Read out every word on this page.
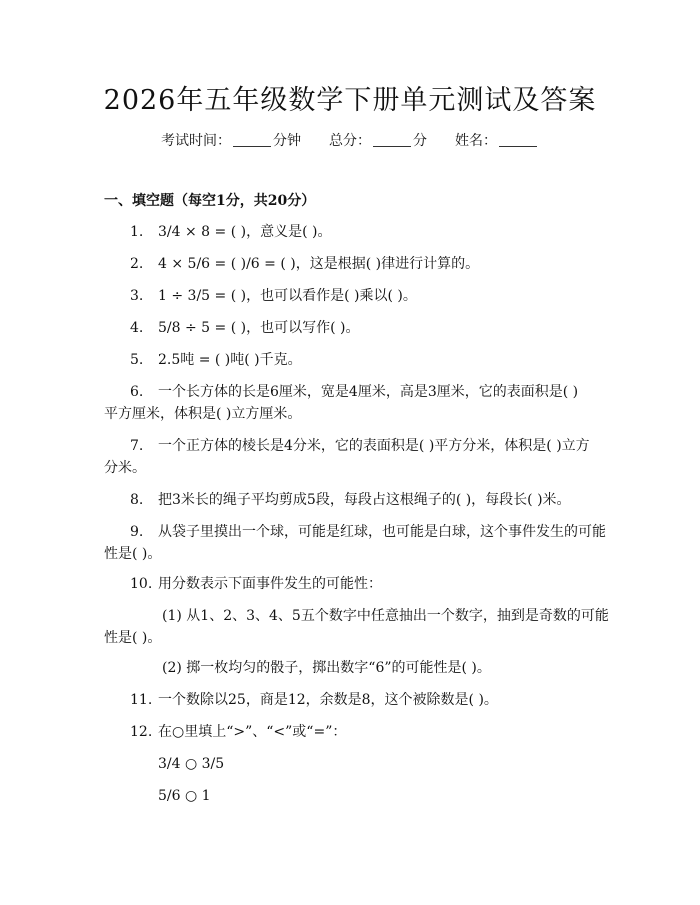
2026年五年级数学下册单元测试及答案
考试时间：	分钟 总分：	分 姓名：
一、填空题（每空1分，共20分）
1. 3/4 × 8 = ( )，意义是( )。
2. 4 × 5/6 = ( )/6 = ( )，这是根据( )律进行计算的。
3. 1 ÷ 3/5 = ( )，也可以看作是( )乘以( )。
4. 5/8 ÷ 5 = ( )，也可以写作( )。
5. 2.5吨 = ( )吨( )千克。
6. 一个长方体的长是6厘米，宽是4厘米，高是3厘米，它的表面积是( )
平方厘米，体积是( )立方厘米。
7. 一个正方体的棱长是4分米，它的表面积是( )平方分米，体积是( )立方
分米。
8. 把3米长的绳子平均剪成5段，每段占这根绳子的( )，每段长( )米。
9. 从袋子里摸出一个球，可能是红球，也可能是白球，这个事件发生的可能
性是( )。
10. 用分数表示下面事件发生的可能性：
(1) 从1、2、3、4、5五个数字中任意抽出一个数字，抽到是奇数的可能
性是( )。
(2) 掷一枚均匀的骰子，掷出数字“6”的可能性是( )。
11. 一个数除以25，商是12，余数是8，这个被除数是( )。
12. 在○里填上“>”、“<”或“=”：
3/4 ○ 3/5
5/6 ○ 1
